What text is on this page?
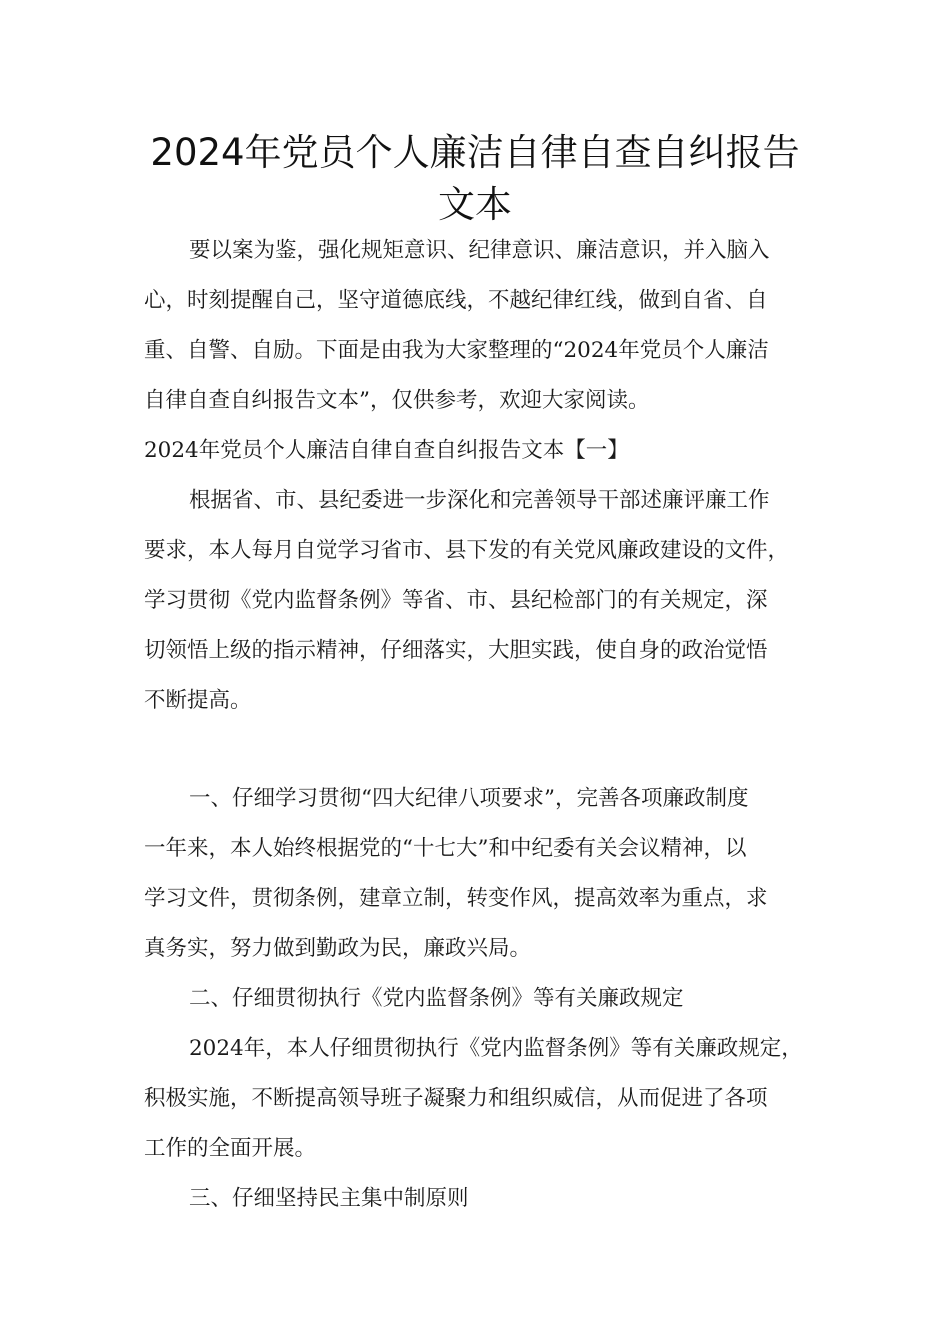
2024年党员个人廉洁自律自查自纠报告
文本
要以案为鉴，强化规矩意识、纪律意识、廉洁意识，并入脑入
心，时刻提醒自己，坚守道德底线，不越纪律红线，做到自省、自
重、自警、自励。下面是由我为大家整理的“2024年党员个人廉洁
自律自查自纠报告文本”，仅供参考，欢迎大家阅读。
2024年党员个人廉洁自律自查自纠报告文本【一】
根据省、市、县纪委进一步深化和完善领导干部述廉评廉工作
要求，本人每月自觉学习省市、县下发的有关党风廉政建设的文件，
学习贯彻《党内监督条例》等省、市、县纪检部门的有关规定，深
切领悟上级的指示精神，仔细落实，大胆实践，使自身的政治觉悟
不断提高。
一、仔细学习贯彻“四大纪律八项要求”，完善各项廉政制度
一年来，本人始终根据党的“十七大”和中纪委有关会议精神，以
学习文件，贯彻条例，建章立制，转变作风，提高效率为重点，求
真务实，努力做到勤政为民，廉政兴局。
二、仔细贯彻执行《党内监督条例》等有关廉政规定
2024年，本人仔细贯彻执行《党内监督条例》等有关廉政规定，
积极实施，不断提高领导班子凝聚力和组织威信，从而促进了各项
工作的全面开展。
三、仔细坚持民主集中制原则
